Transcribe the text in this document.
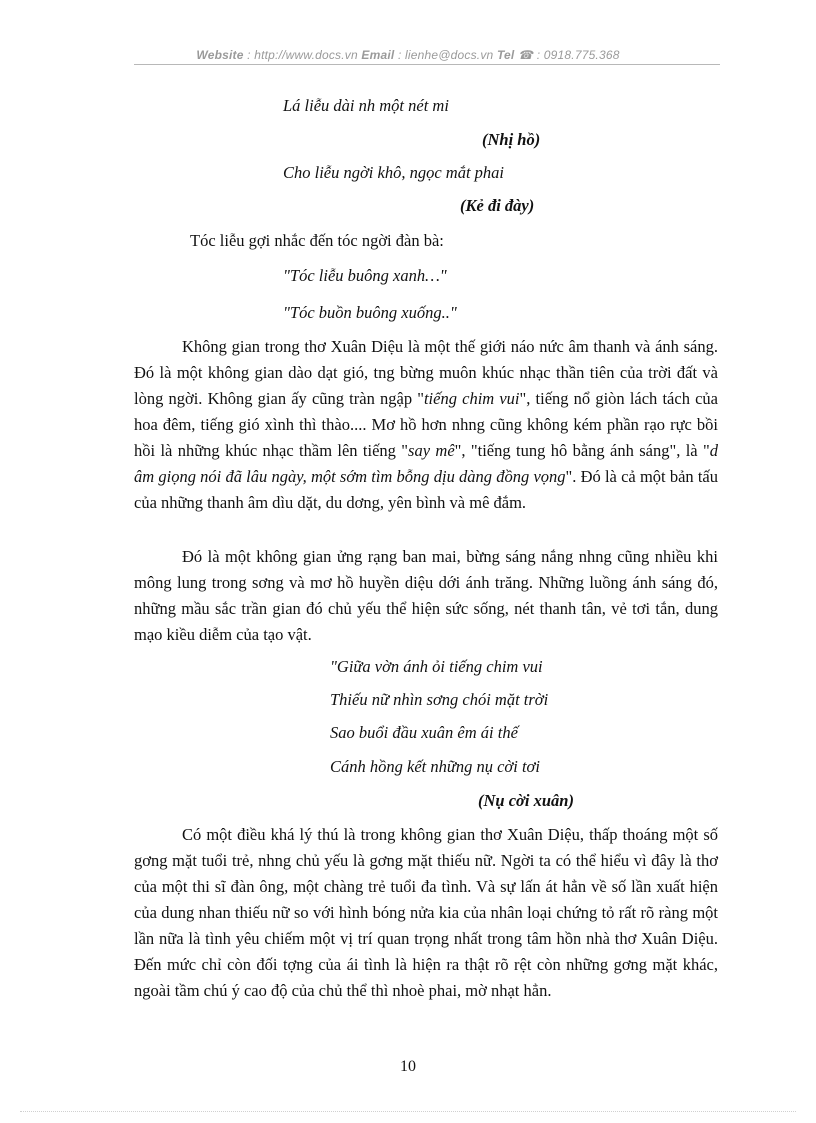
Website : http://www.docs.vn Email : lienhe@docs.vn Tel ☎ : 0918.775.368
Lá liễu dài nh một nét mi
(Nhị hồ)
Cho liễu ngời khô, ngọc mắt phai
(Kẻ đi đày)
Tóc liễu gợi nhắc đến tóc ngời đàn bà:
"Tóc liễu buông xanh…"
"Tóc buồn buông xuống.."

Không gian trong thơ Xuân Diệu là một thế giới náo nức âm thanh và ánh sáng. Đó là một không gian dào dạt gió, tng bừng muôn khúc nhạc thần tiên của trời đất và lòng ngời. Không gian ấy cũng tràn ngập "tiếng chim vui", tiếng nổ giòn lách tách của hoa đêm, tiếng gió xình thì thào.... Mơ hồ hơn nhng cũng không kém phần rạo rực bồi hồi là những khúc nhạc thầm lên tiếng "say mê", "tiếng tung hô bằng ánh sáng", là "d âm giọng nói đã lâu ngày, một sớm tìm bỗng dịu dàng đồng vọng". Đó là cả một bản tấu của những thanh âm dìu dặt, du dơng, yên bình và mê đắm.

Đó là một không gian ửng rạng ban mai, bừng sáng nắng nhng cũng nhiều khi mông lung trong sơng và mơ hồ huyền diệu dới ánh trăng. Những luồng ánh sáng đó, những mầu sắc trần gian đó chủ yếu thể hiện sức sống, nét thanh tân, vẻ tơi tắn, dung mạo kiều diễm của tạo vật.

"Giữa vờn ánh ỏi tiếng chim vui
Thiếu nữ nhìn sơng chói mặt trời
Sao buổi đầu xuân êm ái thế
Cánh hồng kết những nụ cời tơi
(Nụ cời xuân)

Có một điều khá lý thú là trong không gian thơ Xuân Diệu, thấp thoáng một số gơng mặt tuổi trẻ, nhng chủ yếu là gơng mặt thiếu nữ. Ngời ta có thể hiểu vì đây là thơ của một thi sĩ đàn ông, một chàng trẻ tuổi đa tình. Và sự lấn át hẳn về số lần xuất hiện của dung nhan thiếu nữ so với hình bóng nửa kia của nhân loại chứng tỏ rất rõ ràng một lần nữa là tình yêu chiếm một vị trí quan trọng nhất trong tâm hồn nhà thơ Xuân Diệu. Đến mức chỉ còn đối tợng của ái tình là hiện ra thật rõ rệt còn những gơng mặt khác, ngoài tầm chú ý cao độ của chủ thể thì nhoè phai, mờ nhạt hẳn.

10
